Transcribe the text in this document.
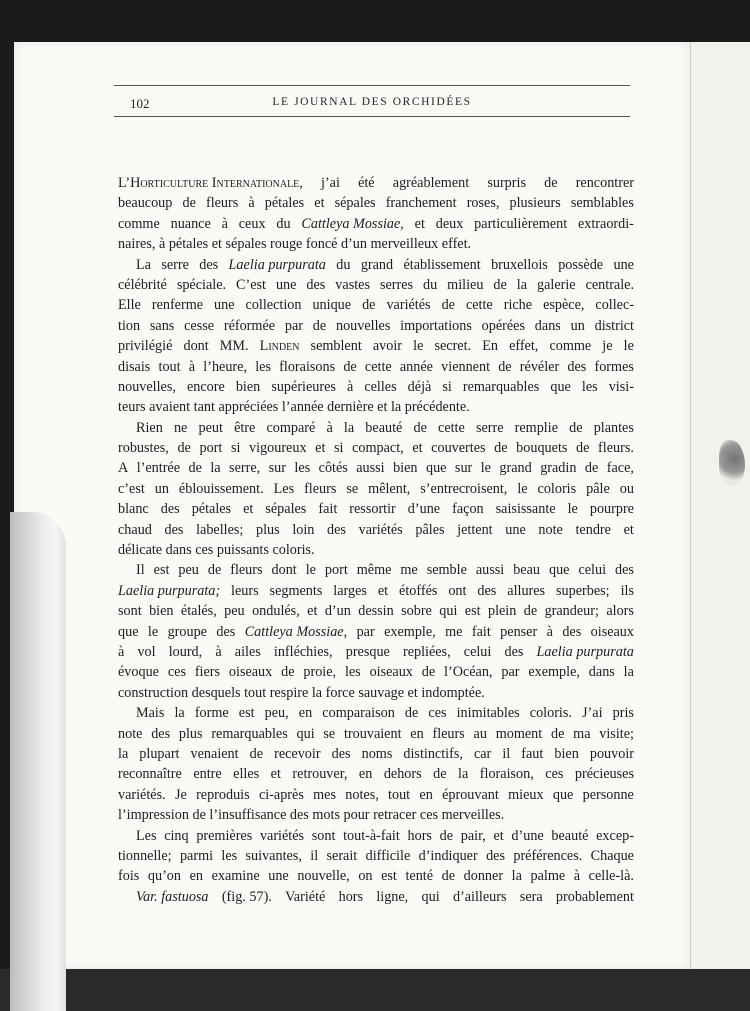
102	LE JOURNAL DES ORCHIDÉES
L’Horticulture Internationale, j’ai été agréablement surpris de rencontrer
beaucoup de fleurs à pétales et sépales franchement roses, plusieurs semblables
comme nuance à ceux du Cattleya Mossiae, et deux particulièrement extraordi-
naires, à pétales et sépales rouge foncé d’un merveilleux effet.
La serre des Laelia purpurata du grand établissement bruxellois possède une
célébrité spéciale. C’est une des vastes serres du milieu de la galerie centrale.
Elle renferme une collection unique de variétés de cette riche espèce, collec-
tion sans cesse réformée par de nouvelles importations opérées dans un district
privilégié dont MM. Linden semblent avoir le secret. En effet, comme je le
disais tout à l’heure, les floraisons de cette année viennent de révéler des formes
nouvelles, encore bien supérieures à celles déjà si remarquables que les visi-
teurs avaient tant appréciées l’année dernière et la précédente.
Rien ne peut être comparé à la beauté de cette serre remplie de plantes
robustes, de port si vigoureux et si compact, et couvertes de bouquets de fleurs.
A l’entrée de la serre, sur les côtés aussi bien que sur le grand gradin de face,
c’est un éblouissement. Les fleurs se mêlent, s’entrecroisent, le coloris pâle ou
blanc des pétales et sépales fait ressortir d’une façon saisissante le pourpre
chaud des labelles; plus loin des variétés pâles jettent une note tendre et
délicate dans ces puissants coloris.
Il est peu de fleurs dont le port même me semble aussi beau que celui des
Laelia purpurata; leurs segments larges et étoffés ont des allures superbes; ils
sont bien étalés, peu ondulés, et d’un dessin sobre qui est plein de grandeur; alors
que le groupe des Cattleya Mossiae, par exemple, me fait penser à des oiseaux
à vol lourd, à ailes infléchies, presque repliées, celui des Laelia purpurata
évoque ces fiers oiseaux de proie, les oiseaux de l’Océan, par exemple, dans la
construction desquels tout respire la force sauvage et indomptée.
Mais la forme est peu, en comparaison de ces inimitables coloris. J’ai pris
note des plus remarquables qui se trouvaient en fleurs au moment de ma visite;
la plupart venaient de recevoir des noms distinctifs, car il faut bien pouvoir
reconnaître entre elles et retrouver, en dehors de la floraison, ces précieuses
variétés. Je reproduis ci-après mes notes, tout en éprouvant mieux que personne
l’impression de l’insuffisance des mots pour retracer ces merveilles.
Les cinq premières variétés sont tout-à-fait hors de pair, et d’une beauté excep-
tionnelle; parmi les suivantes, il serait difficile d’indiquer des préférences. Chaque
fois qu’on en examine une nouvelle, on est tenté de donner la palme à celle-là.
Var. fastuosa (fig. 57). Variété hors ligne, qui d’ailleurs sera probablement
